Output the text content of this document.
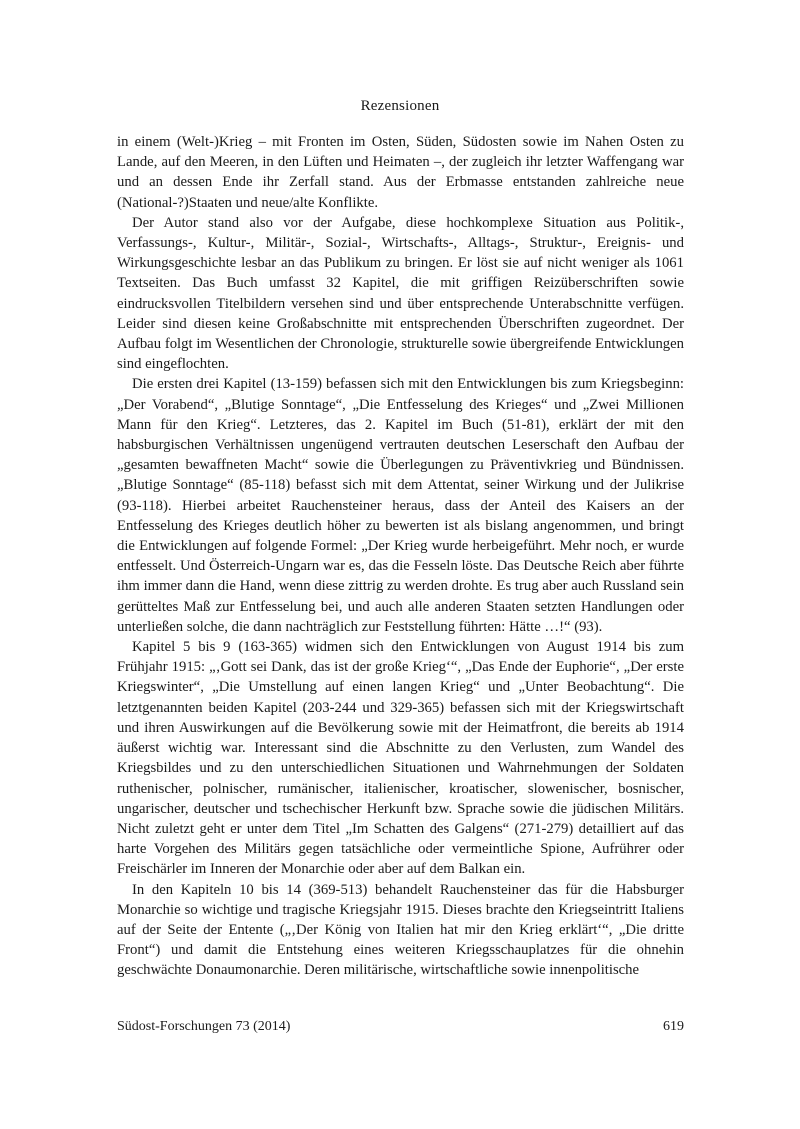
Rezensionen

in einem (Welt-)Krieg – mit Fronten im Osten, Süden, Südosten sowie im Nahen Osten zu Lande, auf den Meeren, in den Lüften und Heimaten –, der zugleich ihr letzter Waffengang war und an dessen Ende ihr Zerfall stand. Aus der Erbmasse entstanden zahlreiche neue (National-?)Staaten und neue/alte Konflikte.

Der Autor stand also vor der Aufgabe, diese hochkomplexe Situation aus Politik-, Verfassungs-, Kultur-, Militär-, Sozial-, Wirtschafts-, Alltags-, Struktur-, Ereignis- und Wirkungsgeschichte lesbar an das Publikum zu bringen. Er löst sie auf nicht weniger als 1061 Textseiten. Das Buch umfasst 32 Kapitel, die mit griffigen Reizüberschriften sowie eindrucksvollen Titelbildern versehen sind und über entsprechende Unterabschnitte verfügen. Leider sind diesen keine Großabschnitte mit entsprechenden Überschriften zugeordnet. Der Aufbau folgt im Wesentlichen der Chronologie, strukturelle sowie übergreifende Entwicklungen sind eingeflochten.

Die ersten drei Kapitel (13-159) befassen sich mit den Entwicklungen bis zum Kriegsbeginn: „Der Vorabend“, „Blutige Sonntage“, „Die Entfesselung des Krieges“ und „Zwei Millionen Mann für den Krieg“. Letzteres, das 2. Kapitel im Buch (51-81), erklärt der mit den habsburgischen Verhältnissen ungenügend vertrauten deutschen Leserschaft den Aufbau der „gesamten bewaffneten Macht“ sowie die Überlegungen zu Präventivkrieg und Bündnissen. „Blutige Sonntage“ (85-118) befasst sich mit dem Attentat, seiner Wirkung und der Julikrise (93-118). Hierbei arbeitet Rauchensteiner heraus, dass der Anteil des Kaisers an der Entfesselung des Krieges deutlich höher zu bewerten ist als bislang angenommen, und bringt die Entwicklungen auf folgende Formel: „Der Krieg wurde herbeigeführt. Mehr noch, er wurde entfesselt. Und Österreich-Ungarn war es, das die Fesseln löste. Das Deutsche Reich aber führte ihm immer dann die Hand, wenn diese zittrig zu werden drohte. Es trug aber auch Russland sein gerütteltes Maß zur Entfesselung bei, und auch alle anderen Staaten setzten Handlungen oder unterließen solche, die dann nachträglich zur Feststellung führten: Hätte …!“ (93).

Kapitel 5 bis 9 (163-365) widmen sich den Entwicklungen von August 1914 bis zum Frühjahr 1915: „‚Gott sei Dank, das ist der große Krieg‘“, „Das Ende der Euphorie“, „Der erste Kriegswinter“, „Die Umstellung auf einen langen Krieg“ und „Unter Beobachtung“. Die letztgenannten beiden Kapitel (203-244 und 329-365) befassen sich mit der Kriegswirtschaft und ihren Auswirkungen auf die Bevölkerung sowie mit der Heimatfront, die bereits ab 1914 äußerst wichtig war. Interessant sind die Abschnitte zu den Verlusten, zum Wandel des Kriegsbildes und zu den unterschiedlichen Situationen und Wahrnehmungen der Soldaten ruthenischer, polnischer, rumänischer, italienischer, kroatischer, slowenischer, bosnischer, ungarischer, deutscher und tschechischer Herkunft bzw. Sprache sowie die jüdischen Militärs. Nicht zuletzt geht er unter dem Titel „Im Schatten des Galgens“ (271-279) detailliert auf das harte Vorgehen des Militärs gegen tatsächliche oder vermeintliche Spione, Aufrührer oder Freischärler im Inneren der Monarchie oder aber auf dem Balkan ein.

In den Kapiteln 10 bis 14 (369-513) behandelt Rauchensteiner das für die Habsburger Monarchie so wichtige und tragische Kriegsjahr 1915. Dieses brachte den Kriegseintritt Italiens auf der Seite der Entente („‚Der König von Italien hat mir den Krieg erklärt‘“, „Die dritte Front“) und damit die Entstehung eines weiteren Kriegsschauplatzes für die ohnehin geschwächte Donaumonarchie. Deren militärische, wirtschaftliche sowie innenpolitische

Südost-Forschungen 73 (2014)	619
